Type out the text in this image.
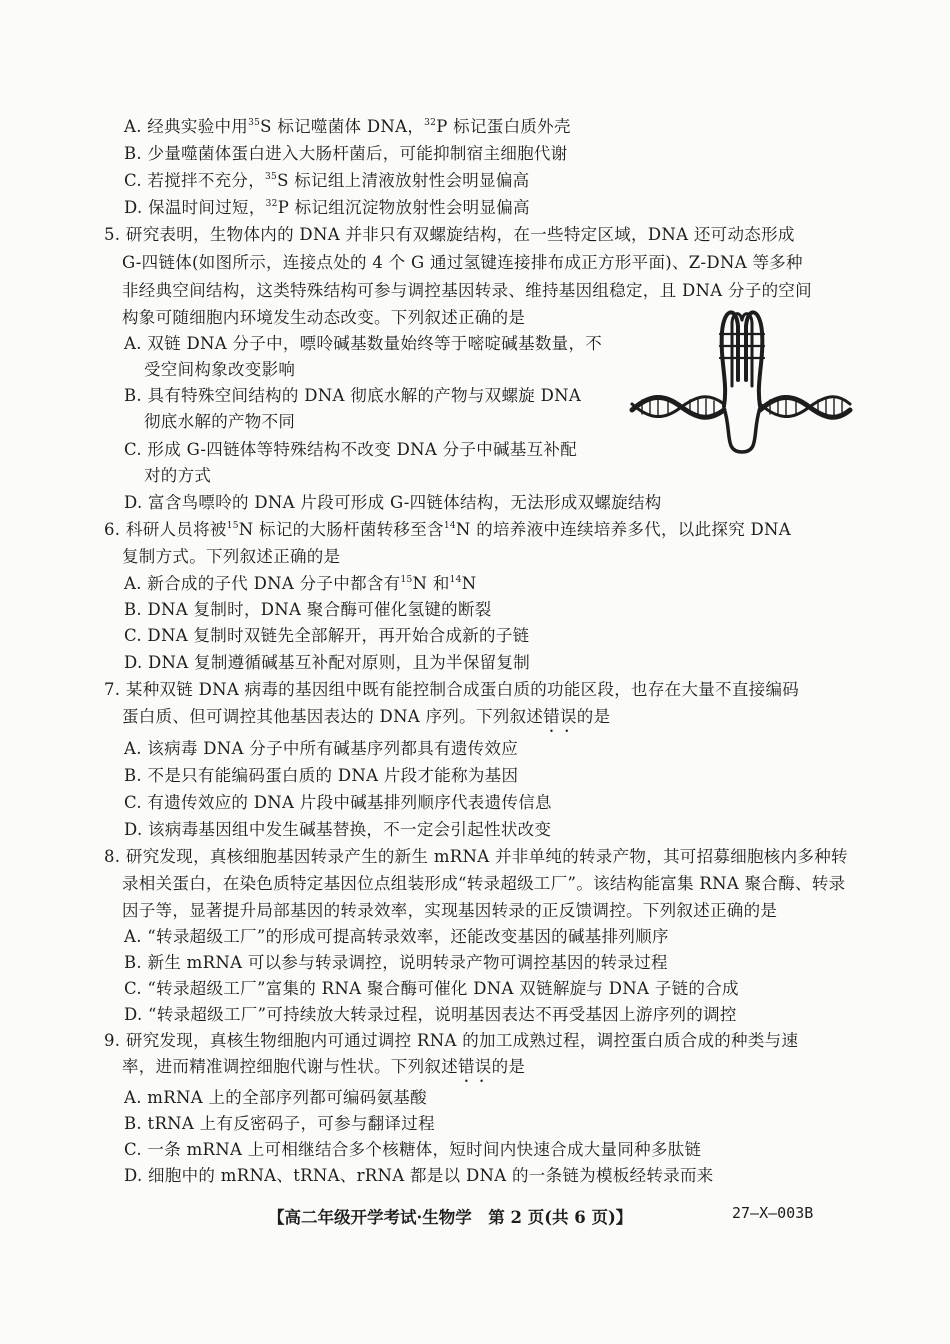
A. 经典实验中用$^{35}$S 标记噬菌体 DNA，$^{32}$P 标记蛋白质外壳
B. 少量噬菌体蛋白进入大肠杆菌后，可能抑制宿主细胞代谢
C. 若搅拌不充分，$^{35}$S 标记组上清液放射性会明显偏高
D. 保温时间过短，$^{32}$P 标记组沉淀物放射性会明显偏高
5. 研究表明，生物体内的 DNA 并非只有双螺旋结构，在一些特定区域，DNA 还可动态形成
G-四链体(如图所示，连接点处的 4 个 G 通过氢键连接排布成正方形平面)、Z-DNA 等多种
非经典空间结构，这类特殊结构可参与调控基因转录、维持基因组稳定，且 DNA 分子的空间
构象可随细胞内环境发生动态改变。下列叙述正确的是
A. 双链 DNA 分子中，嘌呤碱基数量始终等于嘧啶碱基数量，不
受空间构象改变影响
B. 具有特殊空间结构的 DNA 彻底水解的产物与双螺旋 DNA
彻底水解的产物不同
C. 形成 G-四链体等特殊结构不改变 DNA 分子中碱基互补配
对的方式
D. 富含鸟嘌呤的 DNA 片段可形成 G-四链体结构，无法形成双螺旋结构
6. 科研人员将被$^{15}$N 标记的大肠杆菌转移至含$^{14}$N 的培养液中连续培养多代，以此探究 DNA
复制方式。下列叙述正确的是
A. 新合成的子代 DNA 分子中都含有$^{15}$N 和$^{14}$N
B. DNA 复制时，DNA 聚合酶可催化氢键的断裂
C. DNA 复制时双链先全部解开，再开始合成新的子链
D. DNA 复制遵循碱基互补配对原则，且为半保留复制
7. 某种双链 DNA 病毒的基因组中既有能控制合成蛋白质的功能区段，也存在大量不直接编码
蛋白质、但可调控其他基因表达的 DNA 序列。下列叙述错误 • •的是
A. 该病毒 DNA 分子中所有碱基序列都具有遗传效应
B. 不是只有能编码蛋白质的 DNA 片段才能称为基因
C. 有遗传效应的 DNA 片段中碱基排列顺序代表遗传信息
D. 该病毒基因组中发生碱基替换，不一定会引起性状改变
8. 研究发现，真核细胞基因转录产生的新生 mRNA 并非单纯的转录产物，其可招募细胞核内多种转
录相关蛋白，在染色质特定基因位点组装形成“转录超级工厂”。该结构能富集 RNA 聚合酶、转录
因子等，显著提升局部基因的转录效率，实现基因转录的正反馈调控。下列叙述正确的是
A. “转录超级工厂”的形成可提高转录效率，还能改变基因的碱基排列顺序
B. 新生 mRNA 可以参与转录调控，说明转录产物可调控基因的转录过程
C. “转录超级工厂”富集的 RNA 聚合酶可催化 DNA 双链解旋与 DNA 子链的合成
D. “转录超级工厂”可持续放大转录过程，说明基因表达不再受基因上游序列的调控
9. 研究发现，真核生物细胞内可通过调控 RNA 的加工成熟过程，调控蛋白质合成的种类与速
率，进而精准调控细胞代谢与性状。下列叙述错误 • •的是
A. mRNA 上的全部序列都可编码氨基酸
B. tRNA 上有反密码子，可参与翻译过程
C. 一条 mRNA 上可相继结合多个核糖体，短时间内快速合成大量同种多肽链
D. 细胞中的 mRNA、tRNA、rRNA 都是以 DNA 的一条链为模板经转录而来
【高二年级开学考试·生物学　第 2 页(共 6 页)】	27—X—003B
